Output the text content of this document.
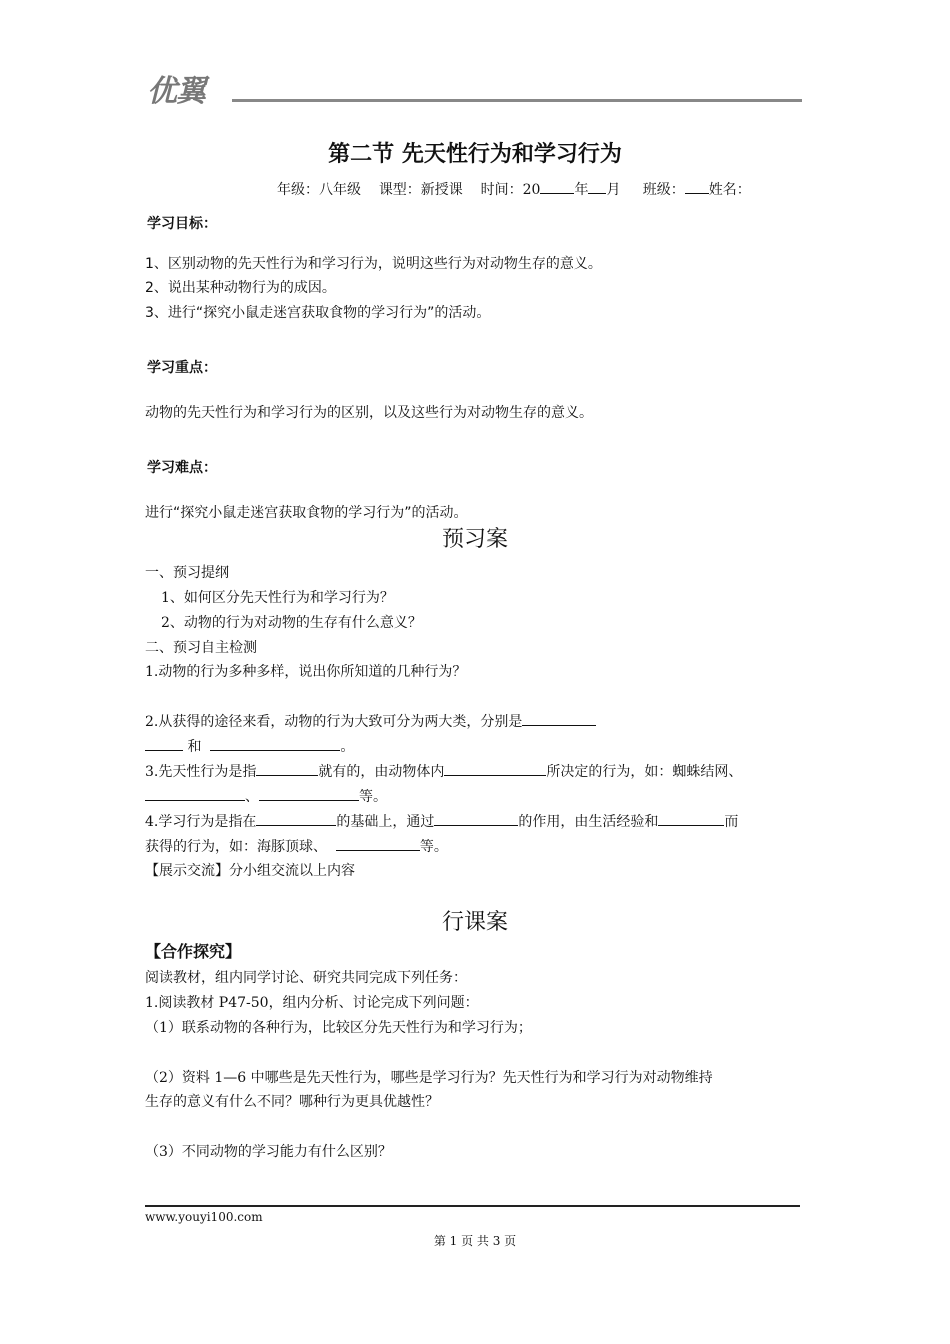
优翼
第二节 先天性行为和学习行为
年级：八年级 课型：新授课 时间：20 年 月 班级： 姓名：
学习目标：
1、区别动物的先天性行为和学习行为，说明这些行为对动物生存的意义。
2、说出某种动物行为的成因。
3、进行“探究小鼠走迷宫获取食物的学习行为”的活动。
学习重点：
动物的先天性行为和学习行为的区别，以及这些行为对动物生存的意义。
学习难点：
进行“探究小鼠走迷宫获取食物的学习行为”的活动。
预习案
一、预习提纲
1、如何区分先天性行为和学习行为？
2、动物的行为对动物的生存有什么意义？
二、预习自主检测
1.动物的行为多种多样，说出你所知道的几种行为？
2.从获得的途径来看，动物的行为大致可分为两大类，分别是
和	。
3.先天性行为是指	就有的，由动物体内	所决定的行为，如：蜘蛛结网、
、	等。
4.学习行为是指在	的基础上，通过	的作用，由生活经验和	而
获得的行为，如：海豚顶球、	等。
【展示交流】分小组交流以上内容
行课案
【合作探究】
阅读教材，组内同学讨论、研究共同完成下列任务：
1.阅读教材 P47-50，组内分析、讨论完成下列问题：
（1）联系动物的各种行为，比较区分先天性行为和学习行为；
（2）资料 1—6 中哪些是先天性行为，哪些是学习行为？先天性行为和学习行为对动物维持
生存的意义有什么不同？哪种行为更具优越性？
（3）不同动物的学习能力有什么区别？
www.youyi100.com
第 1 页 共 3 页
